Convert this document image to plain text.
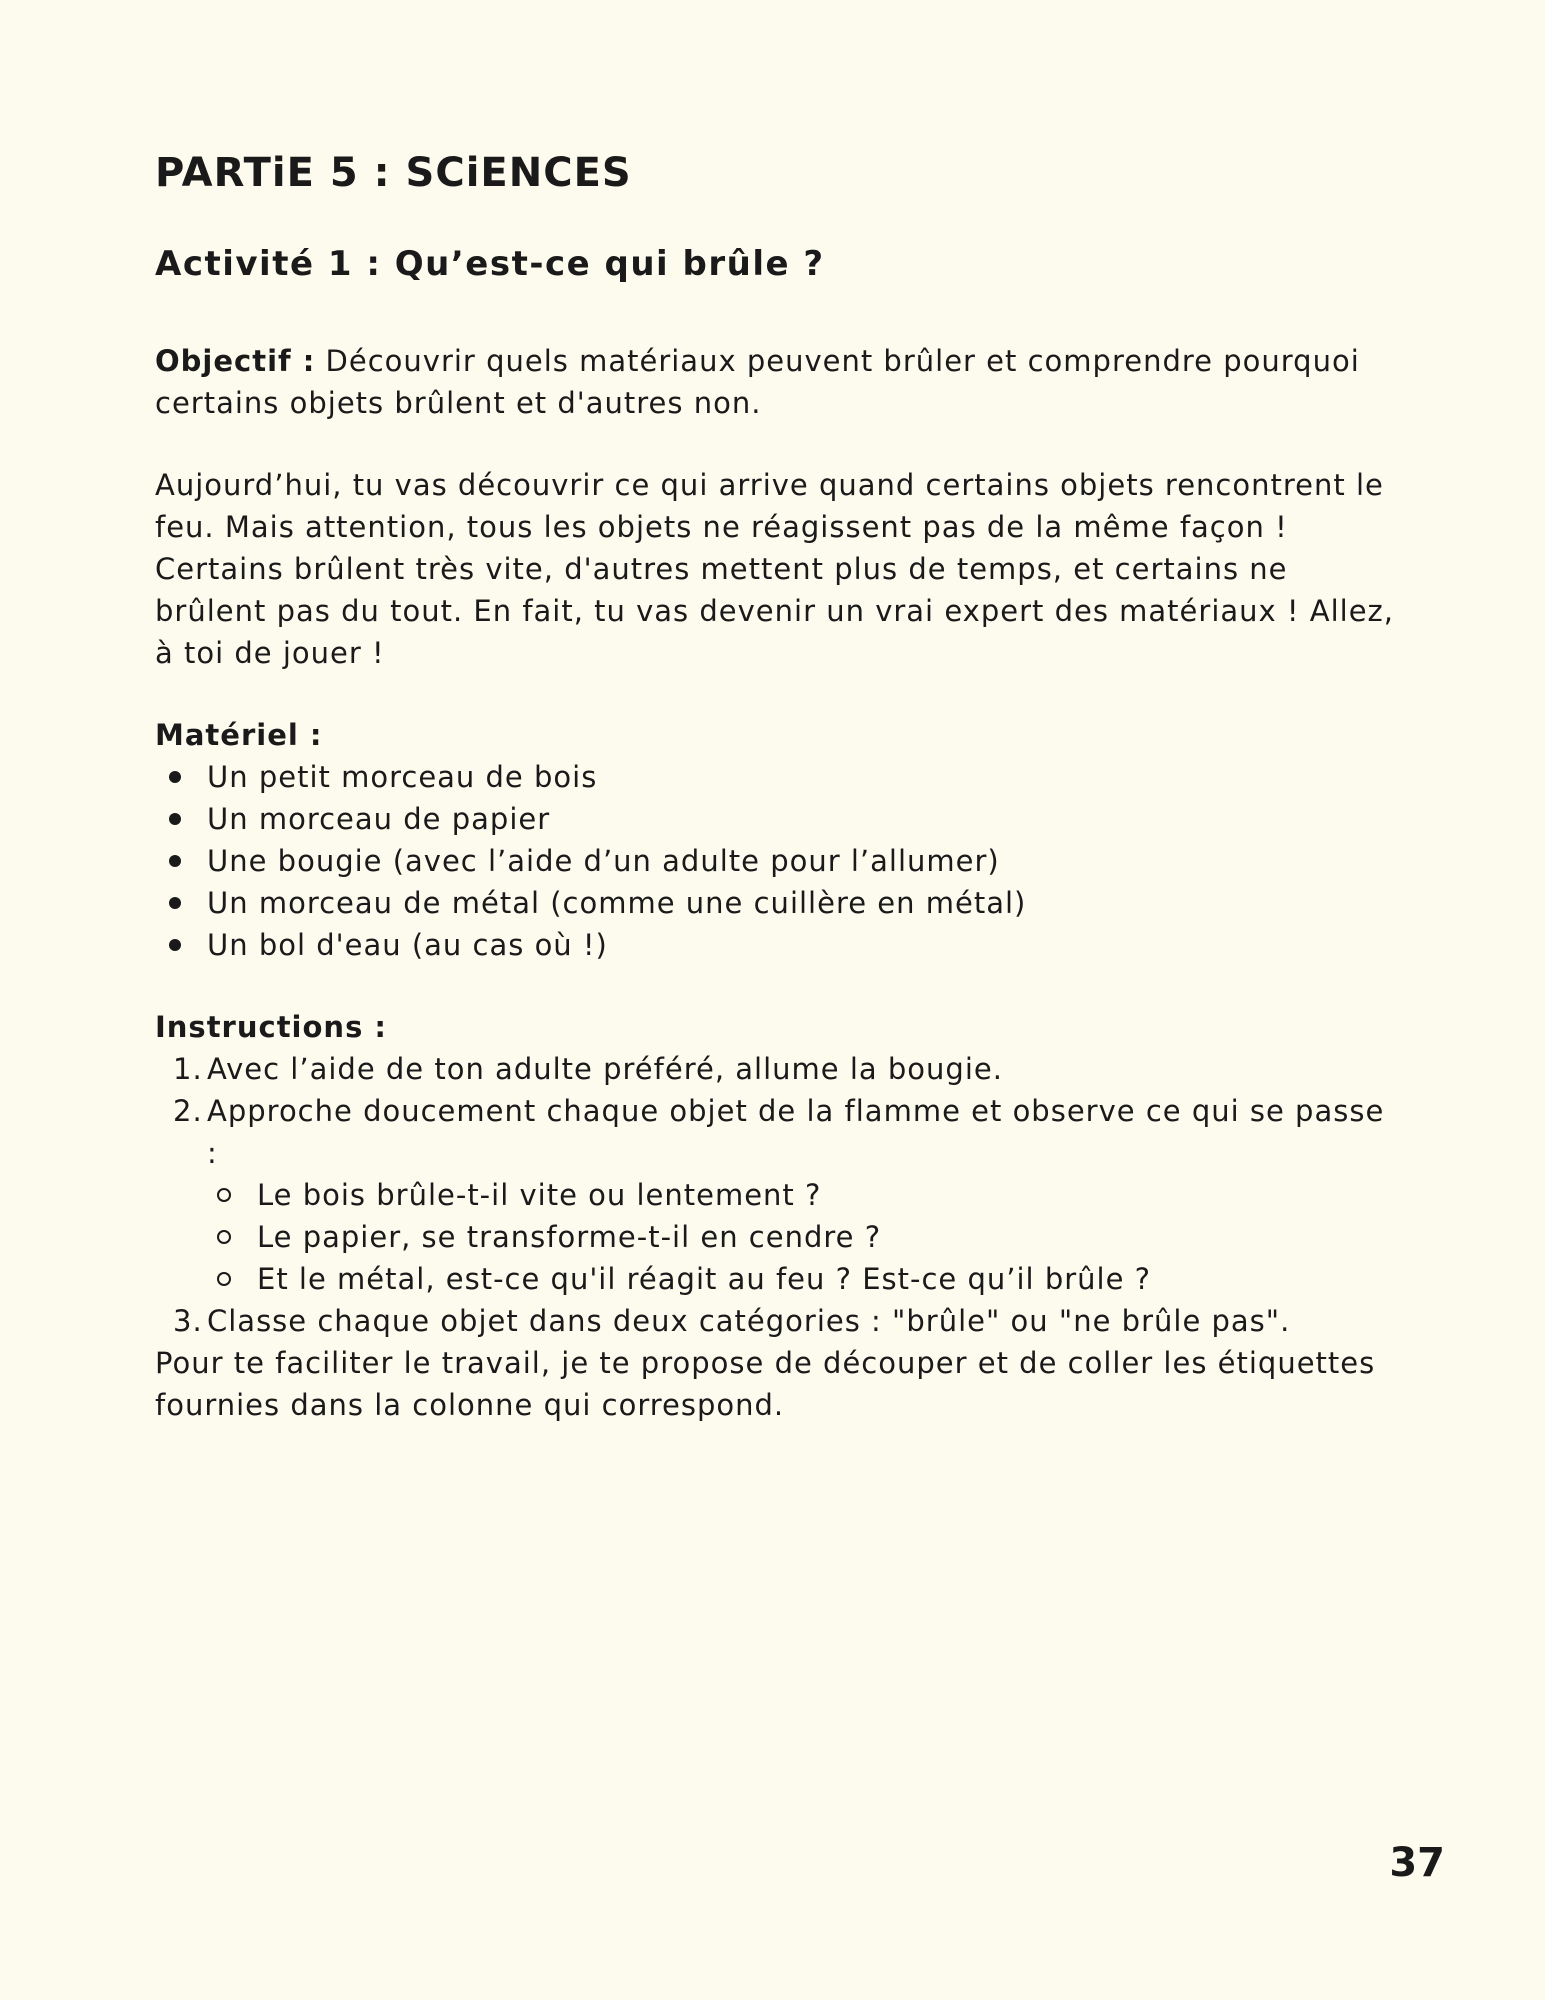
PARTiE 5 : SCiENCES
Activité 1 : Qu’est-ce qui brûle ?

Objectif : Découvrir quels matériaux peuvent brûler et comprendre pourquoi certains objets brûlent et d'autres non.

Aujourd’hui, tu vas découvrir ce qui arrive quand certains objets rencontrent le feu. Mais attention, tous les objets ne réagissent pas de la même façon ! Certains brûlent très vite, d'autres mettent plus de temps, et certains ne brûlent pas du tout. En fait, tu vas devenir un vrai expert des matériaux ! Allez, à toi de jouer !

Matériel :

Un petit morceau de bois
Un morceau de papier
Une bougie (avec l’aide d’un adulte pour l’allumer)
Un morceau de métal (comme une cuillère en métal)
Un bol d'eau (au cas où !)

Instructions :

1. Avec l’aide de ton adulte préféré, allume la bougie.
2. Approche doucement chaque objet de la flamme et observe ce qui se passe :
Le bois brûle-t-il vite ou lentement ?
Le papier, se transforme-t-il en cendre ?
Et le métal, est-ce qu'il réagit au feu ? Est-ce qu’il brûle ?
3. Classe chaque objet dans deux catégories : "brûle" ou "ne brûle pas".

Pour te faciliter le travail, je te propose de découper et de coller les étiquettes fournies dans la colonne qui correspond.

37
